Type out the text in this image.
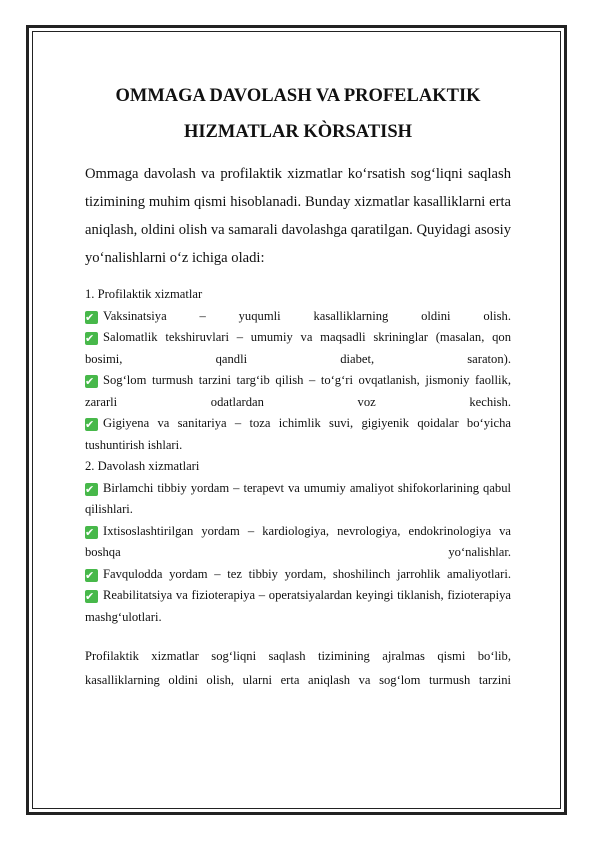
OMMAGA DAVOLASH VA PROFELAKTIK
HIZMATLAR KÒRSATISH

Ommaga davolash va profilaktik xizmatlar ko‘rsatish sog‘liqni saqlash tizimining muhim qismi hisoblanadi. Bunday xizmatlar kasalliklarni erta aniqlash, oldini olish va samarali davolashga qaratilgan. Quyidagi asosiy yo‘nalishlarni o‘z ichiga oladi:

1. Profilaktik xizmatlar

✔ Vaksinatsiya – yuqumli kasalliklarning oldini olish.

✔ Salomatlik tekshiruvlari – umumiy va maqsadli skrininglar (masalan, qon bosimi, qandli diabet, saraton).

✔ Sog‘lom turmush tarzini targ‘ib qilish – to‘g‘ri ovqatlanish, jismoniy faollik, zararli odatlardan voz kechish.

✔ Gigiyena va sanitariya – toza ichimlik suvi, gigiyenik qoidalar bo‘yicha tushuntirish ishlari.

2. Davolash xizmatlari

✔ Birlamchi tibbiy yordam – terapevt va umumiy amaliyot shifokorlarining qabul qilishlari.

✔ Ixtisoslashtirilgan yordam – kardiologiya, nevrologiya, endokrinologiya va boshqa yo‘nalishlar.

✔ Favqulodda yordam – tez tibbiy yordam, shoshilinch jarrohlik amaliyotlari.

✔ Reabilitatsiya va fizioterapiya – operatsiyalardan keyingi tiklanish, fizioterapiya mashg‘ulotlari.

Profilaktik xizmatlar sog‘liqni saqlash tizimining ajralmas qismi bo‘lib, kasalliklarning oldini olish, ularni erta aniqlash va sog‘lom turmush tarzini
